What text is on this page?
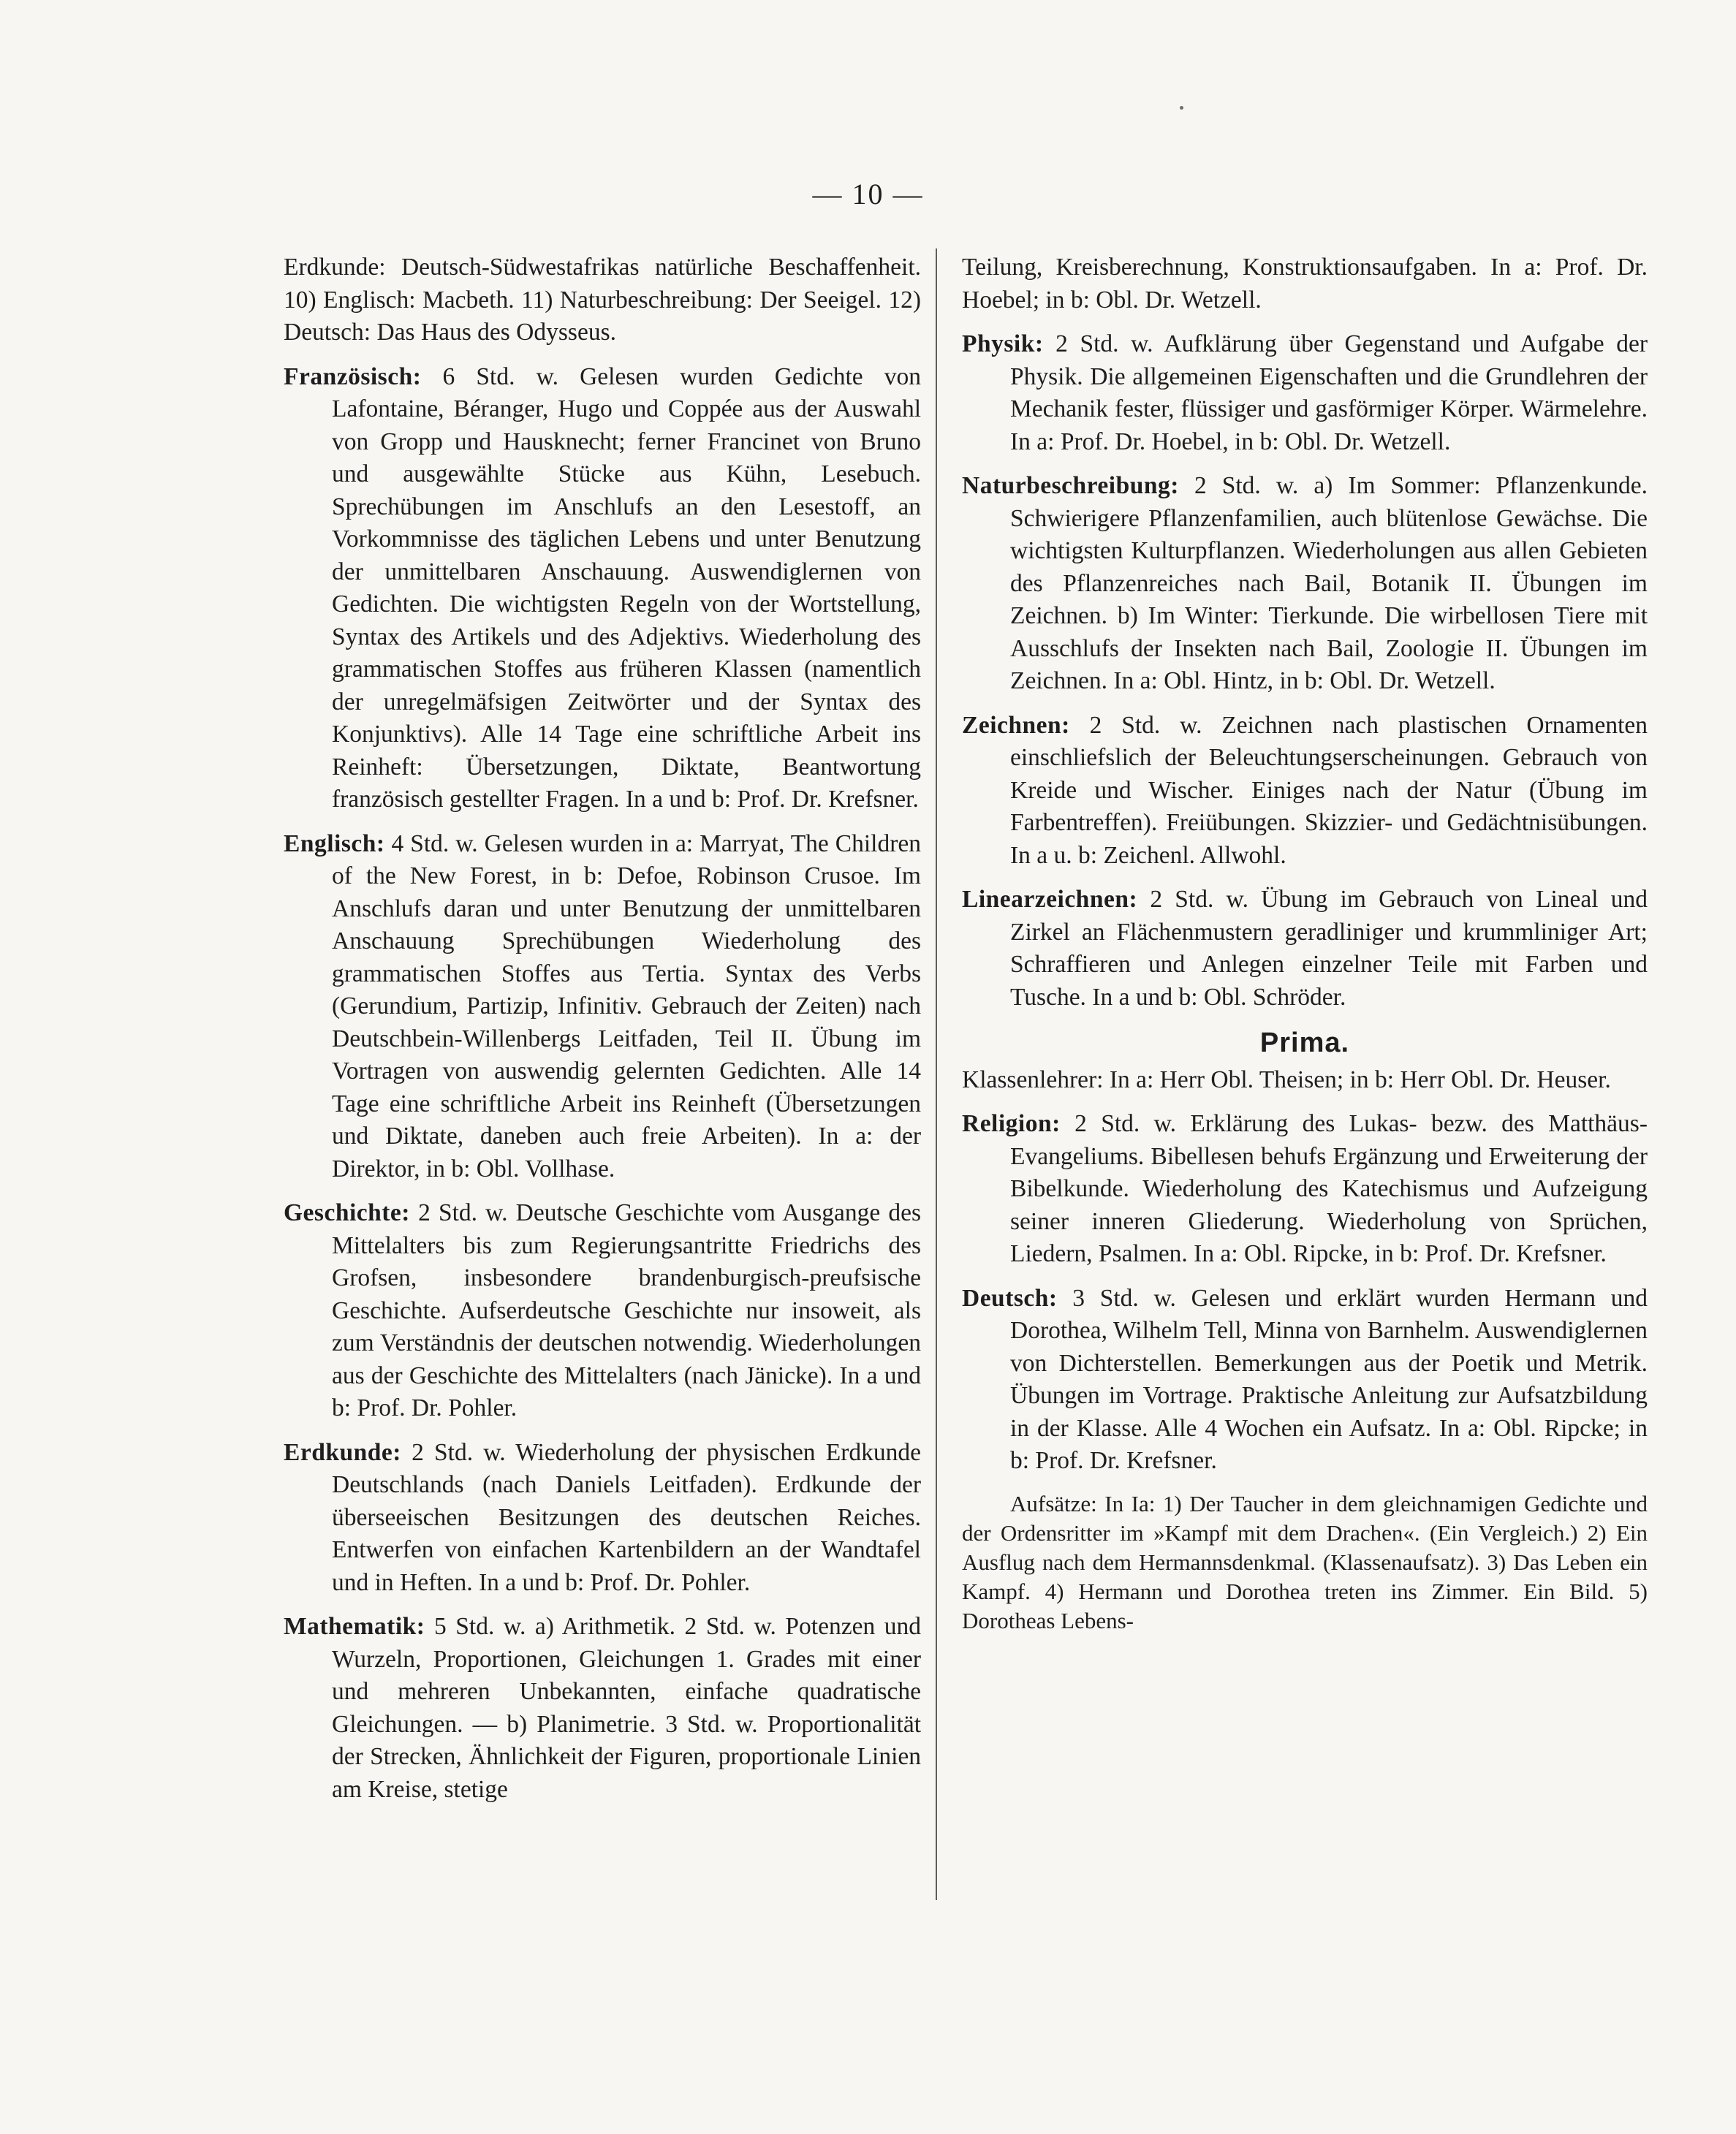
— 10 —

Erdkunde: Deutsch-Südwestafrikas natürliche Beschaffenheit. 10) Englisch: Macbeth. 11) Naturbeschreibung: Der Seeigel. 12) Deutsch: Das Haus des Odysseus.

Französisch: 6 Std. w. Gelesen wurden Gedichte von Lafontaine, Béranger, Hugo und Coppée aus der Auswahl von Gropp und Hausknecht; ferner Francinet von Bruno und ausgewählte Stücke aus Kühn, Lesebuch. Sprechübungen im Anschlufs an den Lesestoff, an Vorkommnisse des täglichen Lebens und unter Benutzung der unmittelbaren Anschauung. Auswendiglernen von Gedichten. Die wichtigsten Regeln von der Wortstellung, Syntax des Artikels und des Adjektivs. Wiederholung des grammatischen Stoffes aus früheren Klassen (namentlich der unregelmäfsigen Zeitwörter und der Syntax des Konjunktivs). Alle 14 Tage eine schriftliche Arbeit ins Reinheft: Übersetzungen, Diktate, Beantwortung französisch gestellter Fragen. In a und b: Prof. Dr. Krefsner.

Englisch: 4 Std. w. Gelesen wurden in a: Marryat, The Children of the New Forest, in b: Defoe, Robinson Crusoe. Im Anschlufs daran und unter Benutzung der unmittelbaren Anschauung Sprechübungen Wiederholung des grammatischen Stoffes aus Tertia. Syntax des Verbs (Gerundium, Partizip, Infinitiv. Gebrauch der Zeiten) nach Deutschbein-Willenbergs Leitfaden, Teil II. Übung im Vortragen von auswendig gelernten Gedichten. Alle 14 Tage eine schriftliche Arbeit ins Reinheft (Übersetzungen und Diktate, daneben auch freie Arbeiten). In a: der Direktor, in b: Obl. Vollhase.

Geschichte: 2 Std. w. Deutsche Geschichte vom Ausgange des Mittelalters bis zum Regierungsantritte Friedrichs des Grofsen, insbesondere brandenburgisch-preufsische Geschichte. Aufserdeutsche Geschichte nur insoweit, als zum Verständnis der deutschen notwendig. Wiederholungen aus der Geschichte des Mittelalters (nach Jänicke). In a und b: Prof. Dr. Pohler.

Erdkunde: 2 Std. w. Wiederholung der physischen Erdkunde Deutschlands (nach Daniels Leitfaden). Erdkunde der überseeischen Besitzungen des deutschen Reiches. Entwerfen von einfachen Kartenbildern an der Wandtafel und in Heften. In a und b: Prof. Dr. Pohler.

Mathematik: 5 Std. w. a) Arithmetik. 2 Std. w. Potenzen und Wurzeln, Proportionen, Gleichungen 1. Grades mit einer und mehreren Unbekannten, einfache quadratische Gleichungen. — b) Planimetrie. 3 Std. w. Proportionalität der Strecken, Ähnlichkeit der Figuren, proportionale Linien am Kreise, stetige

Teilung, Kreisberechnung, Konstruktionsaufgaben. In a: Prof. Dr. Hoebel; in b: Obl. Dr. Wetzell.

Physik: 2 Std. w. Aufklärung über Gegenstand und Aufgabe der Physik. Die allgemeinen Eigenschaften und die Grundlehren der Mechanik fester, flüssiger und gasförmiger Körper. Wärmelehre. In a: Prof. Dr. Hoebel, in b: Obl. Dr. Wetzell.

Naturbeschreibung: 2 Std. w. a) Im Sommer: Pflanzenkunde. Schwierigere Pflanzenfamilien, auch blütenlose Gewächse. Die wichtigsten Kulturpflanzen. Wiederholungen aus allen Gebieten des Pflanzenreiches nach Bail, Botanik II. Übungen im Zeichnen. b) Im Winter: Tierkunde. Die wirbellosen Tiere mit Ausschlufs der Insekten nach Bail, Zoologie II. Übungen im Zeichnen. In a: Obl. Hintz, in b: Obl. Dr. Wetzell.

Zeichnen: 2 Std. w. Zeichnen nach plastischen Ornamenten einschliefslich der Beleuchtungserscheinungen. Gebrauch von Kreide und Wischer. Einiges nach der Natur (Übung im Farbentreffen). Freiübungen. Skizzier- und Gedächtnisübungen. In a u. b: Zeichenl. Allwohl.

Linearzeichnen: 2 Std. w. Übung im Gebrauch von Lineal und Zirkel an Flächenmustern geradliniger und krummliniger Art; Schraffieren und Anlegen einzelner Teile mit Farben und Tusche. In a und b: Obl. Schröder.

Prima.

Klassenlehrer: In a: Herr Obl. Theisen; in b: Herr Obl. Dr. Heuser.

Religion: 2 Std. w. Erklärung des Lukas- bezw. des Matthäus-Evangeliums. Bibellesen behufs Ergänzung und Erweiterung der Bibelkunde. Wiederholung des Katechismus und Aufzeigung seiner inneren Gliederung. Wiederholung von Sprüchen, Liedern, Psalmen. In a: Obl. Ripcke, in b: Prof. Dr. Krefsner.

Deutsch: 3 Std. w. Gelesen und erklärt wurden Hermann und Dorothea, Wilhelm Tell, Minna von Barnhelm. Auswendiglernen von Dichterstellen. Bemerkungen aus der Poetik und Metrik. Übungen im Vortrage. Praktische Anleitung zur Aufsatzbildung in der Klasse. Alle 4 Wochen ein Aufsatz. In a: Obl. Ripcke; in b: Prof. Dr. Krefsner.

Aufsätze: In Ia: 1) Der Taucher in dem gleichnamigen Gedichte und der Ordensritter im »Kampf mit dem Drachen«. (Ein Vergleich.) 2) Ein Ausflug nach dem Hermannsdenkmal. (Klassenaufsatz). 3) Das Leben ein Kampf. 4) Hermann und Dorothea treten ins Zimmer. Ein Bild. 5) Dorotheas Lebens-
